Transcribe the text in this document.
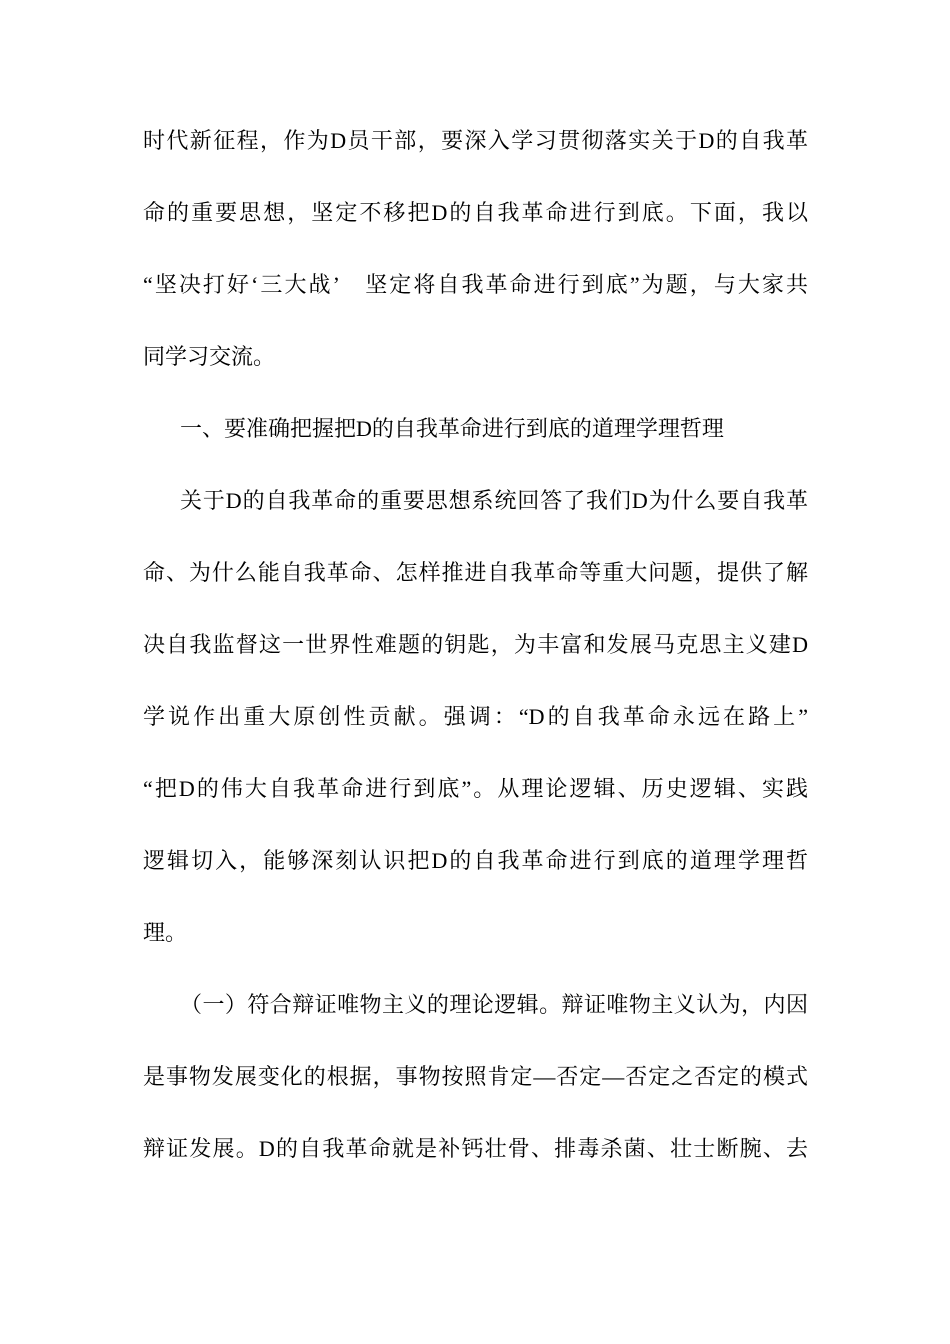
时代新征程，作为D员干部，要深入学习贯彻落实关于D的自我革
命的重要思想，坚定不移把D的自我革命进行到底。下面，我以
“坚决打好‘三大战’　坚定将自我革命进行到底”为题，与大家共
同学习交流。
一、要准确把握把D的自我革命进行到底的道理学理哲理
关于D的自我革命的重要思想系统回答了我们D为什么要自我革
命、为什么能自我革命、怎样推进自我革命等重大问题，提供了解
决自我监督这一世界性难题的钥匙，为丰富和发展马克思主义建D
学说作出重大原创性贡献。强调：“D的自我革命永远在路上”
“把D的伟大自我革命进行到底”。从理论逻辑、历史逻辑、实践
逻辑切入，能够深刻认识把D的自我革命进行到底的道理学理哲
理。
（一）符合辩证唯物主义的理论逻辑。辩证唯物主义认为，内因
是事物发展变化的根据，事物按照肯定—否定—否定之否定的模式
辩证发展。D的自我革命就是补钙壮骨、排毒杀菌、壮士断腕、去
